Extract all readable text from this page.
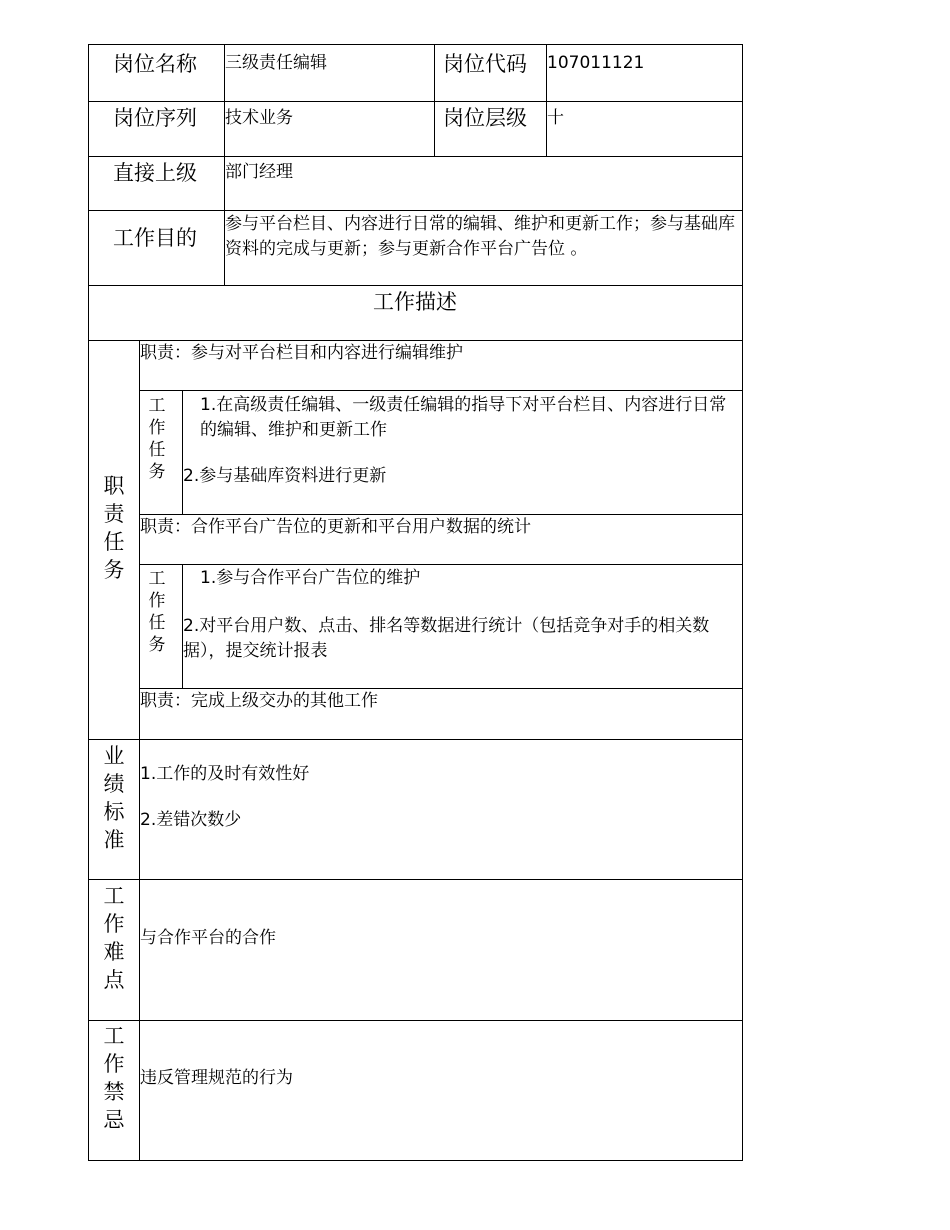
岗位名称 三级责任编辑	岗位代码 107011121
岗位序列 技术业务	岗位层级 十
直接上级 部门经理
工作目的
参与平台栏目、内容进行日常的编辑、维护和更新工作；参与基础库资料的完成与更新；参与更新合作平台广告位 。
工作描述
职责任务
职责：参与对平台栏目和内容进行编辑维护
工作任务
1.在高级责任编辑、一级责任编辑的指导下对平台栏目、内容进行日常的编辑、维护和更新工作
2.参与基础库资料进行更新
职责：合作平台广告位的更新和平台用户数据的统计
工作任务
1.参与合作平台广告位的维护
2.对平台用户数、点击、排名等数据进行统计（包括竞争对手的相关数据），提交统计报表
职责：完成上级交办的其他工作
业绩标准
1.工作的及时有效性好
2.差错次数少
工作难点
与合作平台的合作
工作禁忌
违反管理规范的行为
